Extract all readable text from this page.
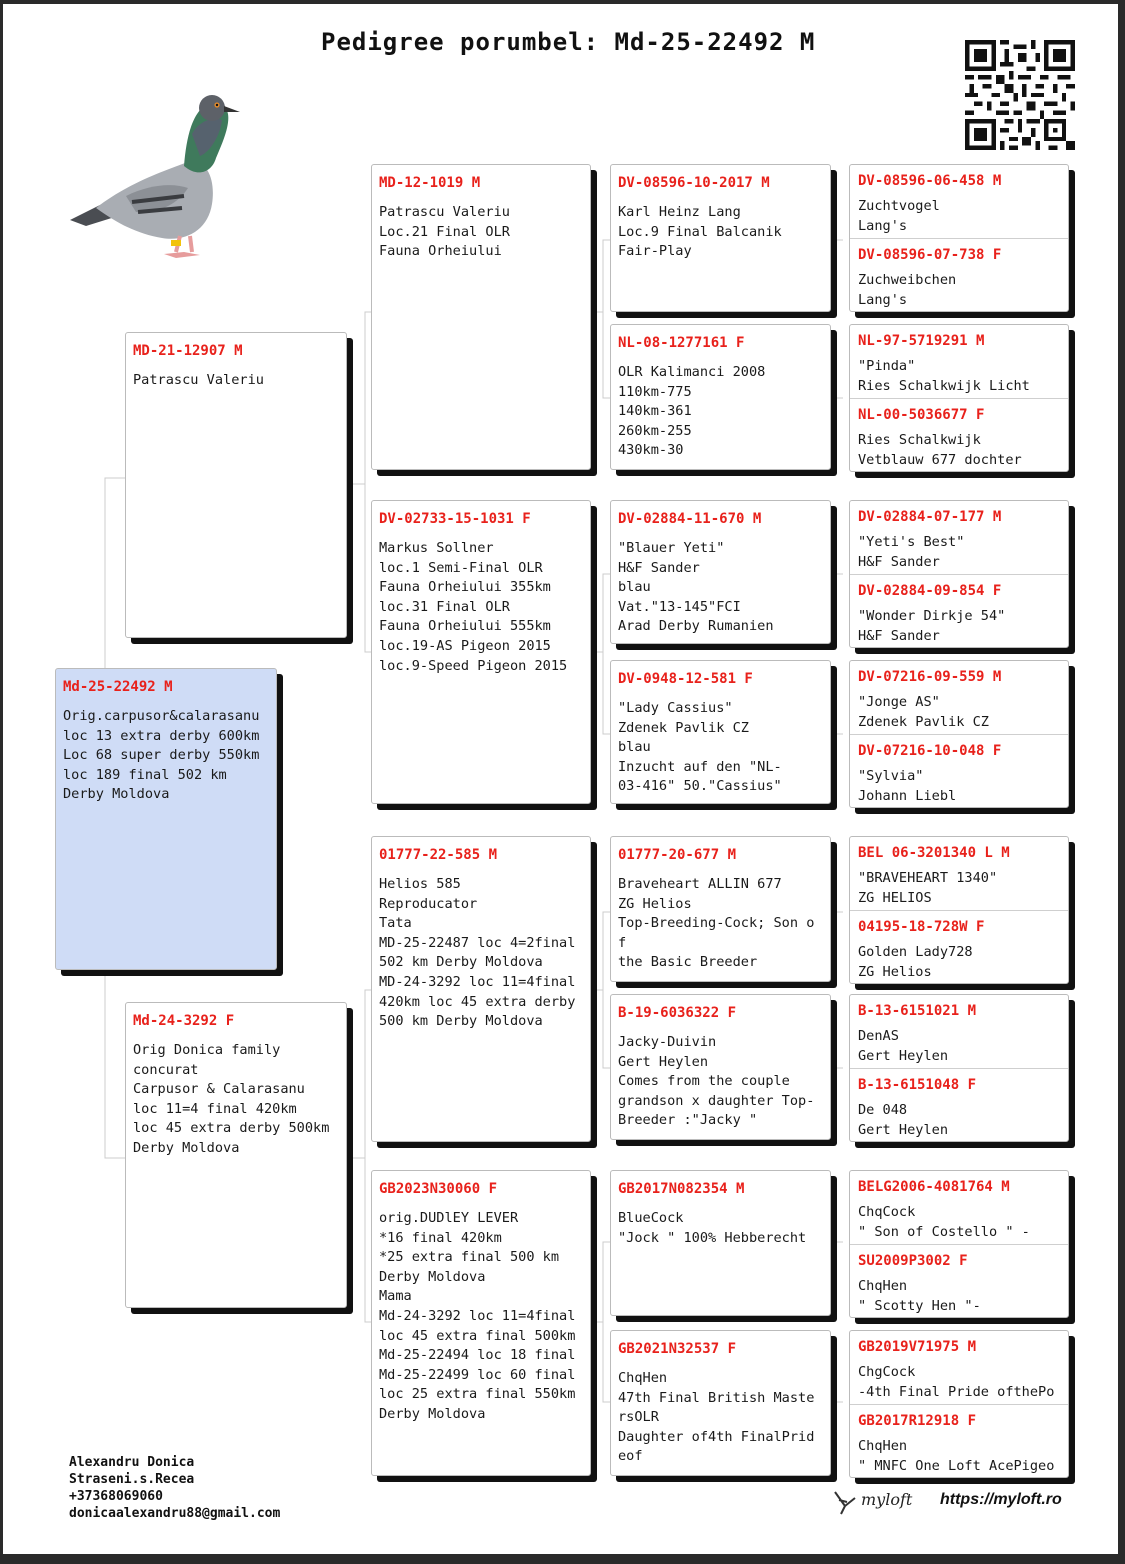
Pedigree porumbel: Md-25-22492 M
Md-25-22492 M
Orig.carpusor&calarasanu
loc 13 extra derby 600km
Loc 68 super derby 550km
loc 189 final 502 km
Derby Moldova
MD-21-12907 M
Patrascu Valeriu
Md-24-3292 F
Orig Donica family
concurat
Carpusor & Calarasanu
loc 11=4 final 420km
loc 45 extra derby 500km
Derby Moldova
MD-12-1019 M
Patrascu Valeriu
Loc.21 Final OLR
Fauna Orheiului
DV-02733-15-1031 F
Markus Sollner
loc.1 Semi-Final OLR
Fauna Orheiului 355km
loc.31 Final OLR
Fauna Orheiului 555km
loc.19-AS Pigeon 2015
loc.9-Speed Pigeon 2015
01777-22-585 M
Helios 585
Reproducator
Tata
MD-25-22487 loc 4=2final
502 km Derby Moldova
MD-24-3292 loc 11=4final
420km loc 45 extra derby
500 km Derby Moldova
GB2023N30060 F
orig.DUDlEY LEVER
*16 final 420km
*25 extra final 500 km
Derby Moldova
Mama
Md-24-3292 loc 11=4final
loc 45 extra final 500km
Md-25-22494 loc 18 final
Md-25-22499 loc 60 final
loc 25 extra final 550km
Derby Moldova
DV-08596-10-2017 M
Karl Heinz Lang
Loc.9 Final Balcanik
Fair-Play
NL-08-1277161 F
OLR Kalimanci 2008
110km-775
140km-361
260km-255
430km-30
DV-02884-11-670 M
"Blauer Yeti"
H&F Sander
blau
Vat."13-145"FCI
Arad Derby Rumanien
DV-0948-12-581 F
"Lady Cassius"
Zdenek Pavlik CZ
blau
Inzucht auf den "NL-
03-416" 50."Cassius"
01777-20-677 M
Braveheart ALLIN 677
ZG Helios
Top-Breeding-Cock; Son o
f
the Basic Breeder
B-19-6036322 F
Jacky-Duivin
Gert Heylen
Comes from the couple
grandson x daughter Top-
Breeder :"Jacky "
GB2017N082354 M
BlueCock
"Jock " 100% Hebberecht
GB2021N32537 F
ChqHen
47th Final British Maste
rsOLR
Daughter of4th FinalPrid
eof
DV-08596-06-458 M
Zuchtvogel
Lang's
DV-08596-07-738 F
Zuchweibchen
Lang's
NL-97-5719291 M
"Pinda"
Ries Schalkwijk Licht
NL-00-5036677 F
Ries Schalkwijk
Vetblauw 677 dochter
DV-02884-07-177 M
"Yeti's Best"
H&F Sander
DV-02884-09-854 F
"Wonder Dirkje 54"
H&F Sander
DV-07216-09-559 M
"Jonge AS"
Zdenek Pavlik CZ
DV-07216-10-048 F
"Sylvia"
Johann Liebl
BEL 06-3201340 L M
"BRAVEHEART 1340"
ZG HELIOS
04195-18-728W F
Golden Lady728
ZG Helios
B-13-6151021 M
DenAS
Gert Heylen
B-13-6151048 F
De 048
Gert Heylen
BELG2006-4081764 M
ChqCock
" Son of Costello " -
SU2009P3002 F
ChqHen
" Scotty Hen "-
GB2019V71975 M
ChgCock
-4th Final Pride ofthePo
GB2017R12918 F
ChqHen
" MNFC One Loft AcePigeo
Alexandru Donica
Straseni.s.Recea
+37368069060
donicaalexandru88@gmail.com
myloft https://myloft.ro
